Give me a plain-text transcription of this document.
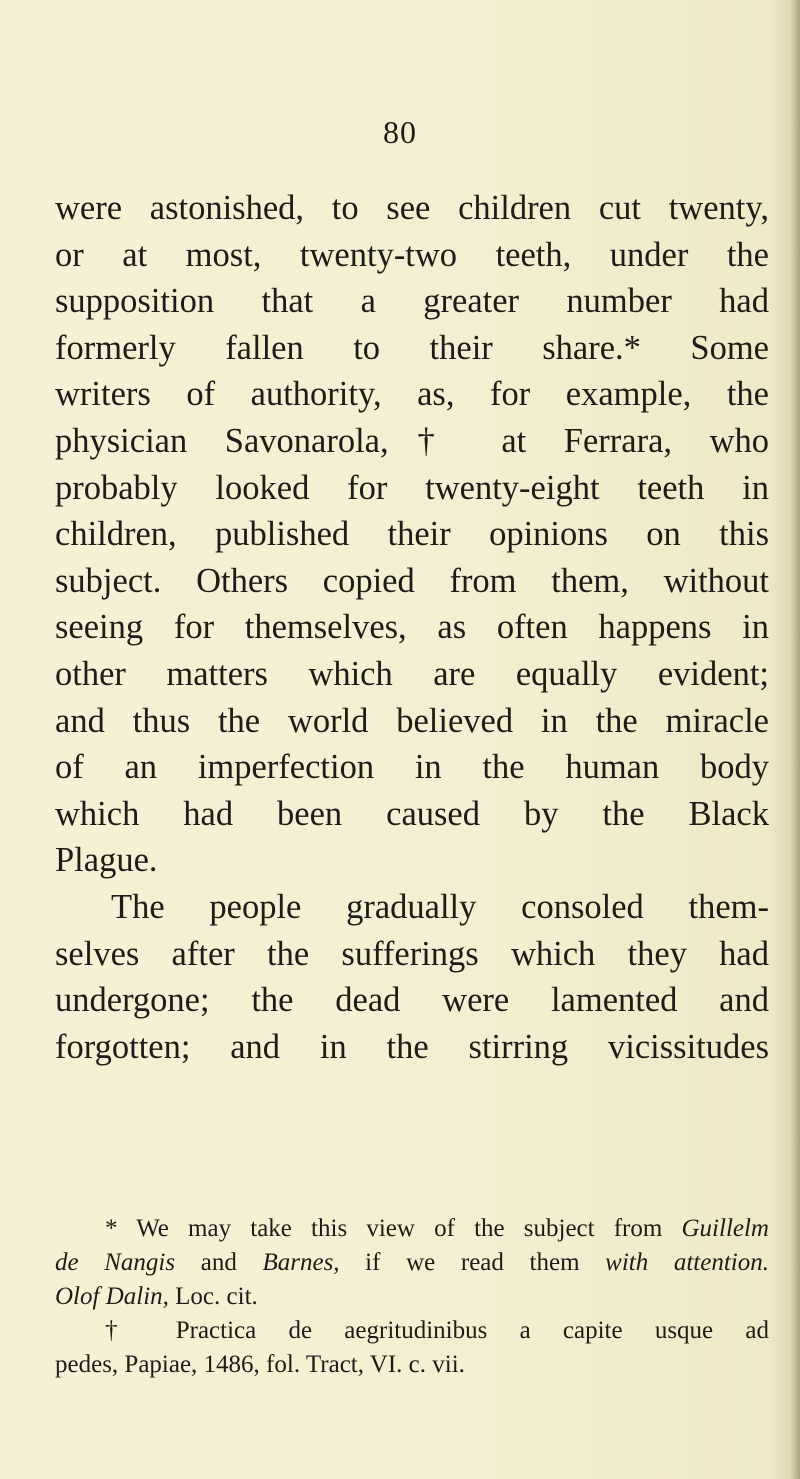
80
were astonished, to see children cut twenty,
or at most, twenty-two teeth, under the
supposition that a greater number had
formerly fallen to their share.* Some
writers of authority, as, for example, the
physician Savonarola,† at Ferrara, who
probably looked for twenty-eight teeth in
children, published their opinions on this
subject. Others copied from them, without
seeing for themselves, as often happens in
other matters which are equally evident;
and thus the world believed in the miracle
of an imperfection in the human body
which had been caused by the Black
Plague.
The people gradually consoled them-
selves after the sufferings which they had
undergone; the dead were lamented and
forgotten; and in the stirring vicissitudes
* We may take this view of the subject from Guillelm
de Nangis and Barnes, if we read them with attention.
Olof Dalin, Loc. cit.
† Practica de aegritudinibus a capite usque ad
pedes, Papiae, 1486, fol. Tract, VI. c. vii.
